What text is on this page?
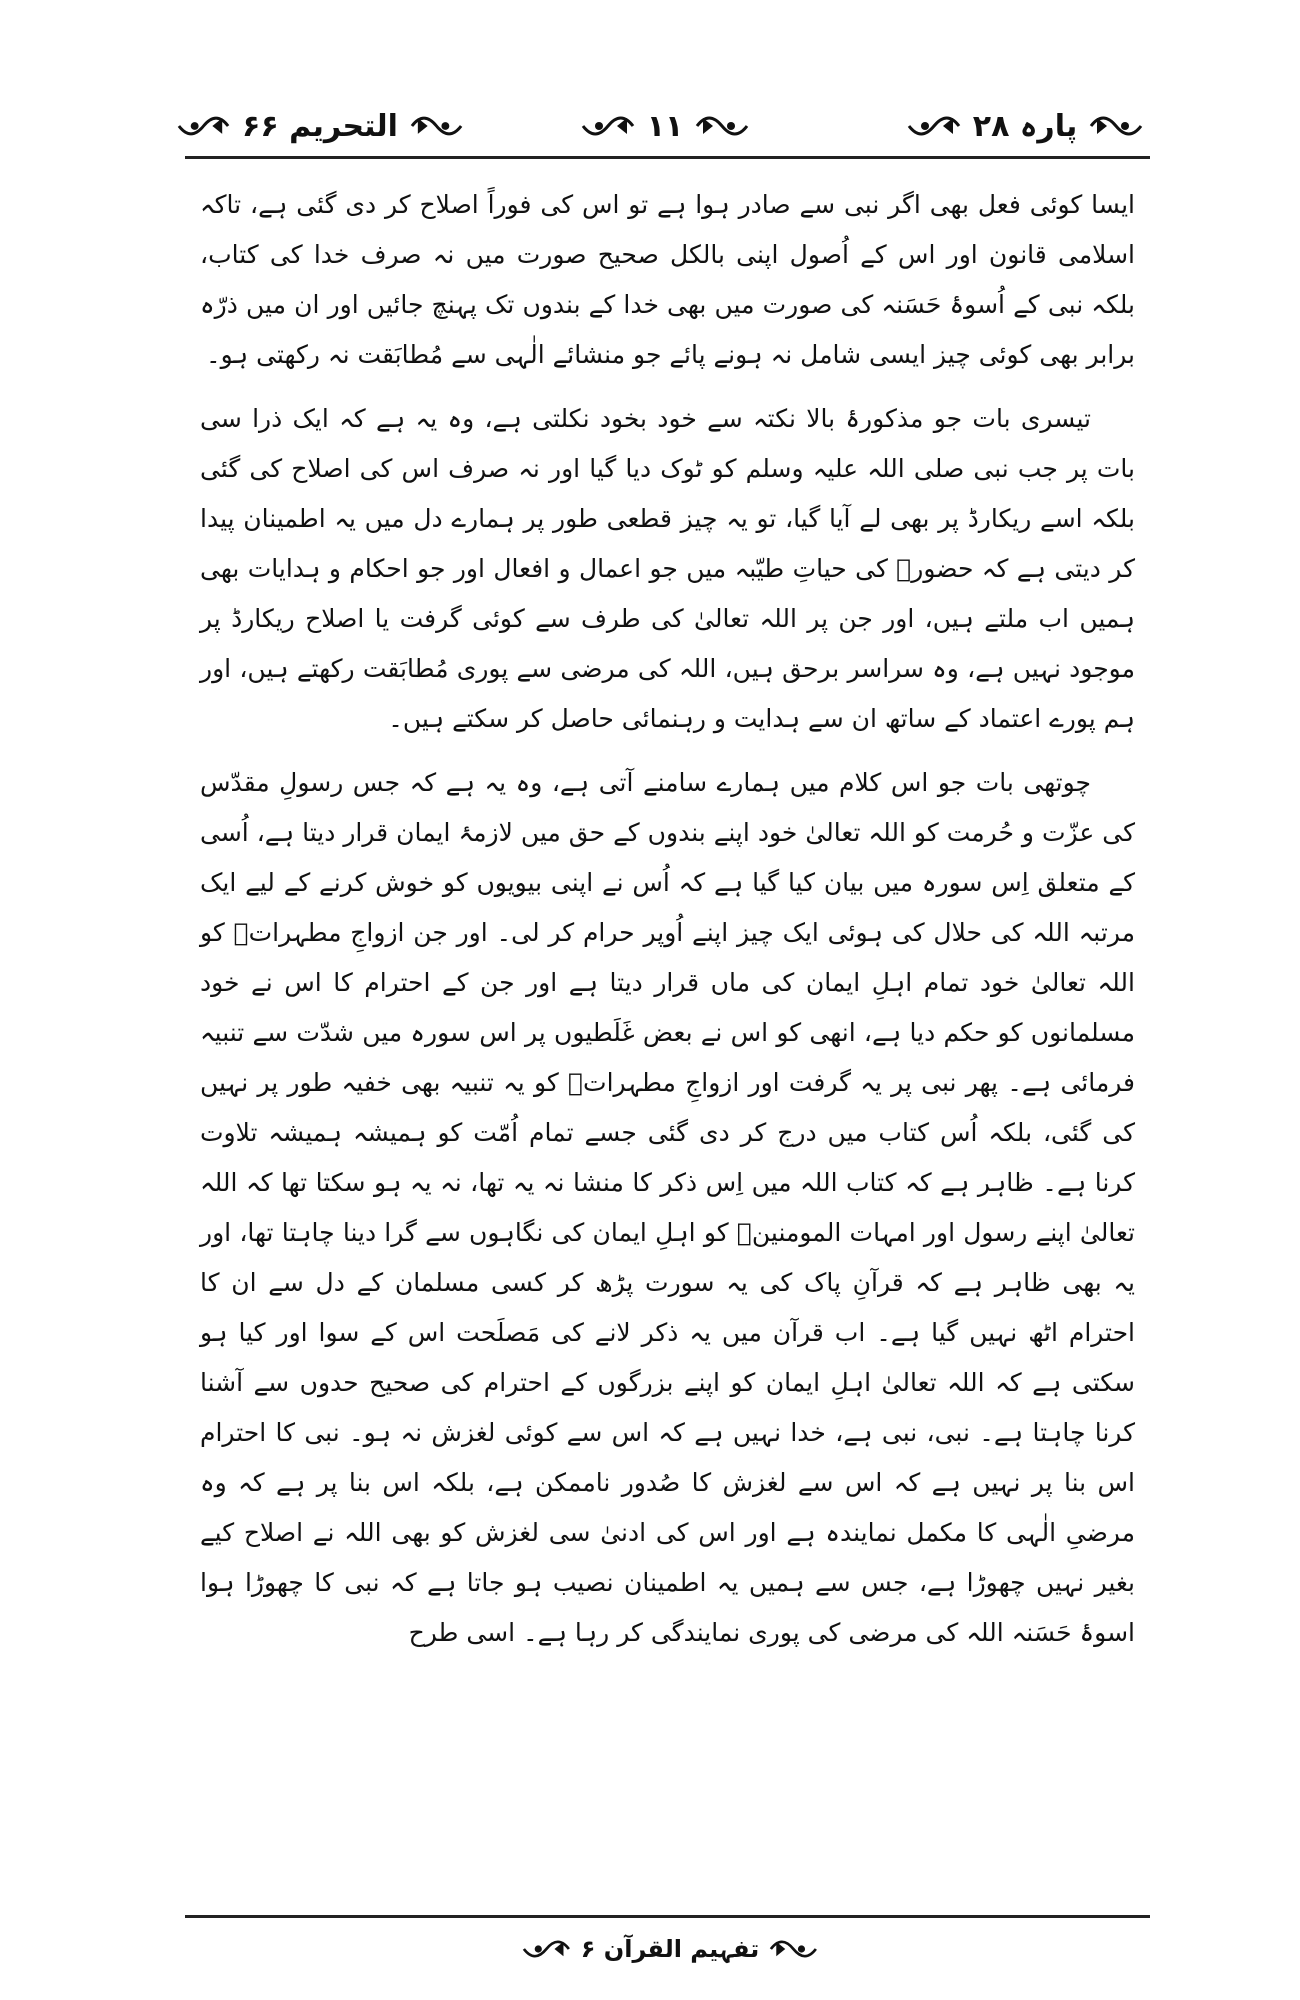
پارہ ۲۸
۱۱
التحریم ۶۶

ایسا کوئی فعل بھی اگر نبی سے صادر ہوا ہے تو اس کی فوراً اصلاح کر دی گئی ہے، تاکہ اسلامی قانون اور اس کے اُصول اپنی بالکل صحیح صورت میں نہ صرف خدا کی کتاب، بلکہ نبی کے اُسوۂ حَسَنہ کی صورت میں بھی خدا کے بندوں تک پہنچ جائیں اور ان میں ذرّہ برابر بھی کوئی چیز ایسی شامل نہ ہونے پائے جو منشائے الٰہی سے مُطابَقت نہ رکھتی ہو۔

تیسری بات جو مذکورۂ بالا نکتہ سے خود بخود نکلتی ہے، وہ یہ ہے کہ ایک ذرا سی بات پر جب نبی صلی اللہ علیہ وسلم کو ٹوک دیا گیا اور نہ صرف اس کی اصلاح کی گئی بلکہ اسے ریکارڈ پر بھی لے آیا گیا، تو یہ چیز قطعی طور پر ہمارے دل میں یہ اطمینان پیدا کر دیتی ہے کہ حضورؐ کی حیاتِ طیّبہ میں جو اعمال و افعال اور جو احکام و ہدایات بھی ہمیں اب ملتے ہیں، اور جن پر اللہ تعالیٰ کی طرف سے کوئی گرفت یا اصلاح ریکارڈ پر موجود نہیں ہے، وہ سراسر برحق ہیں، اللہ کی مرضی سے پوری مُطابَقت رکھتے ہیں، اور ہم پورے اعتماد کے ساتھ ان سے ہدایت و رہنمائی حاصل کر سکتے ہیں۔

چوتھی بات جو اس کلام میں ہمارے سامنے آتی ہے، وہ یہ ہے کہ جس رسولِ مقدّس کی عزّت و حُرمت کو اللہ تعالیٰ خود اپنے بندوں کے حق میں لازمۂ ایمان قرار دیتا ہے، اُسی کے متعلق اِس سورہ میں بیان کیا گیا ہے کہ اُس نے اپنی بیویوں کو خوش کرنے کے لیے ایک مرتبہ اللہ کی حلال کی ہوئی ایک چیز اپنے اُوپر حرام کر لی۔ اور جن ازواجِ مطہراتؓ کو اللہ تعالیٰ خود تمام اہلِ ایمان کی ماں قرار دیتا ہے اور جن کے احترام کا اس نے خود مسلمانوں کو حکم دیا ہے، انھی کو اس نے بعض غَلَطیوں پر اس سورہ میں شدّت سے تنبیہ فرمائی ہے۔ پھر نبی پر یہ گرفت اور ازواجِ مطہراتؓ کو یہ تنبیہ بھی خفیہ طور پر نہیں کی گئی، بلکہ اُس کتاب میں درج کر دی گئی جسے تمام اُمّت کو ہمیشہ ہمیشہ تلاوت کرنا ہے۔ ظاہر ہے کہ کتاب اللہ میں اِس ذکر کا منشا نہ یہ تھا، نہ یہ ہو سکتا تھا کہ اللہ تعالیٰ اپنے رسول اور امہات المومنینؓ کو اہلِ ایمان کی نگاہوں سے گرا دینا چاہتا تھا، اور یہ بھی ظاہر ہے کہ قرآنِ پاک کی یہ سورت پڑھ کر کسی مسلمان کے دل سے ان کا احترام اٹھ نہیں گیا ہے۔ اب قرآن میں یہ ذکر لانے کی مَصلَحت اس کے سوا اور کیا ہو سکتی ہے کہ اللہ تعالیٰ اہلِ ایمان کو اپنے بزرگوں کے احترام کی صحیح حدوں سے آشنا کرنا چاہتا ہے۔ نبی، نبی ہے، خدا نہیں ہے کہ اس سے کوئی لغزش نہ ہو۔ نبی کا احترام اس بنا پر نہیں ہے کہ اس سے لغزش کا صُدور ناممکن ہے، بلکہ اس بنا پر ہے کہ وہ مرضیِ الٰہی کا مکمل نمایندہ ہے اور اس کی ادنیٰ سی لغزش کو بھی اللہ نے اصلاح کیے بغیر نہیں چھوڑا ہے، جس سے ہمیں یہ اطمینان نصیب ہو جاتا ہے کہ نبی کا چھوڑا ہوا اسوۂ حَسَنہ اللہ کی مرضی کی پوری نمایندگی کر رہا ہے۔ اسی طرح

تفہیم القرآن ۶
